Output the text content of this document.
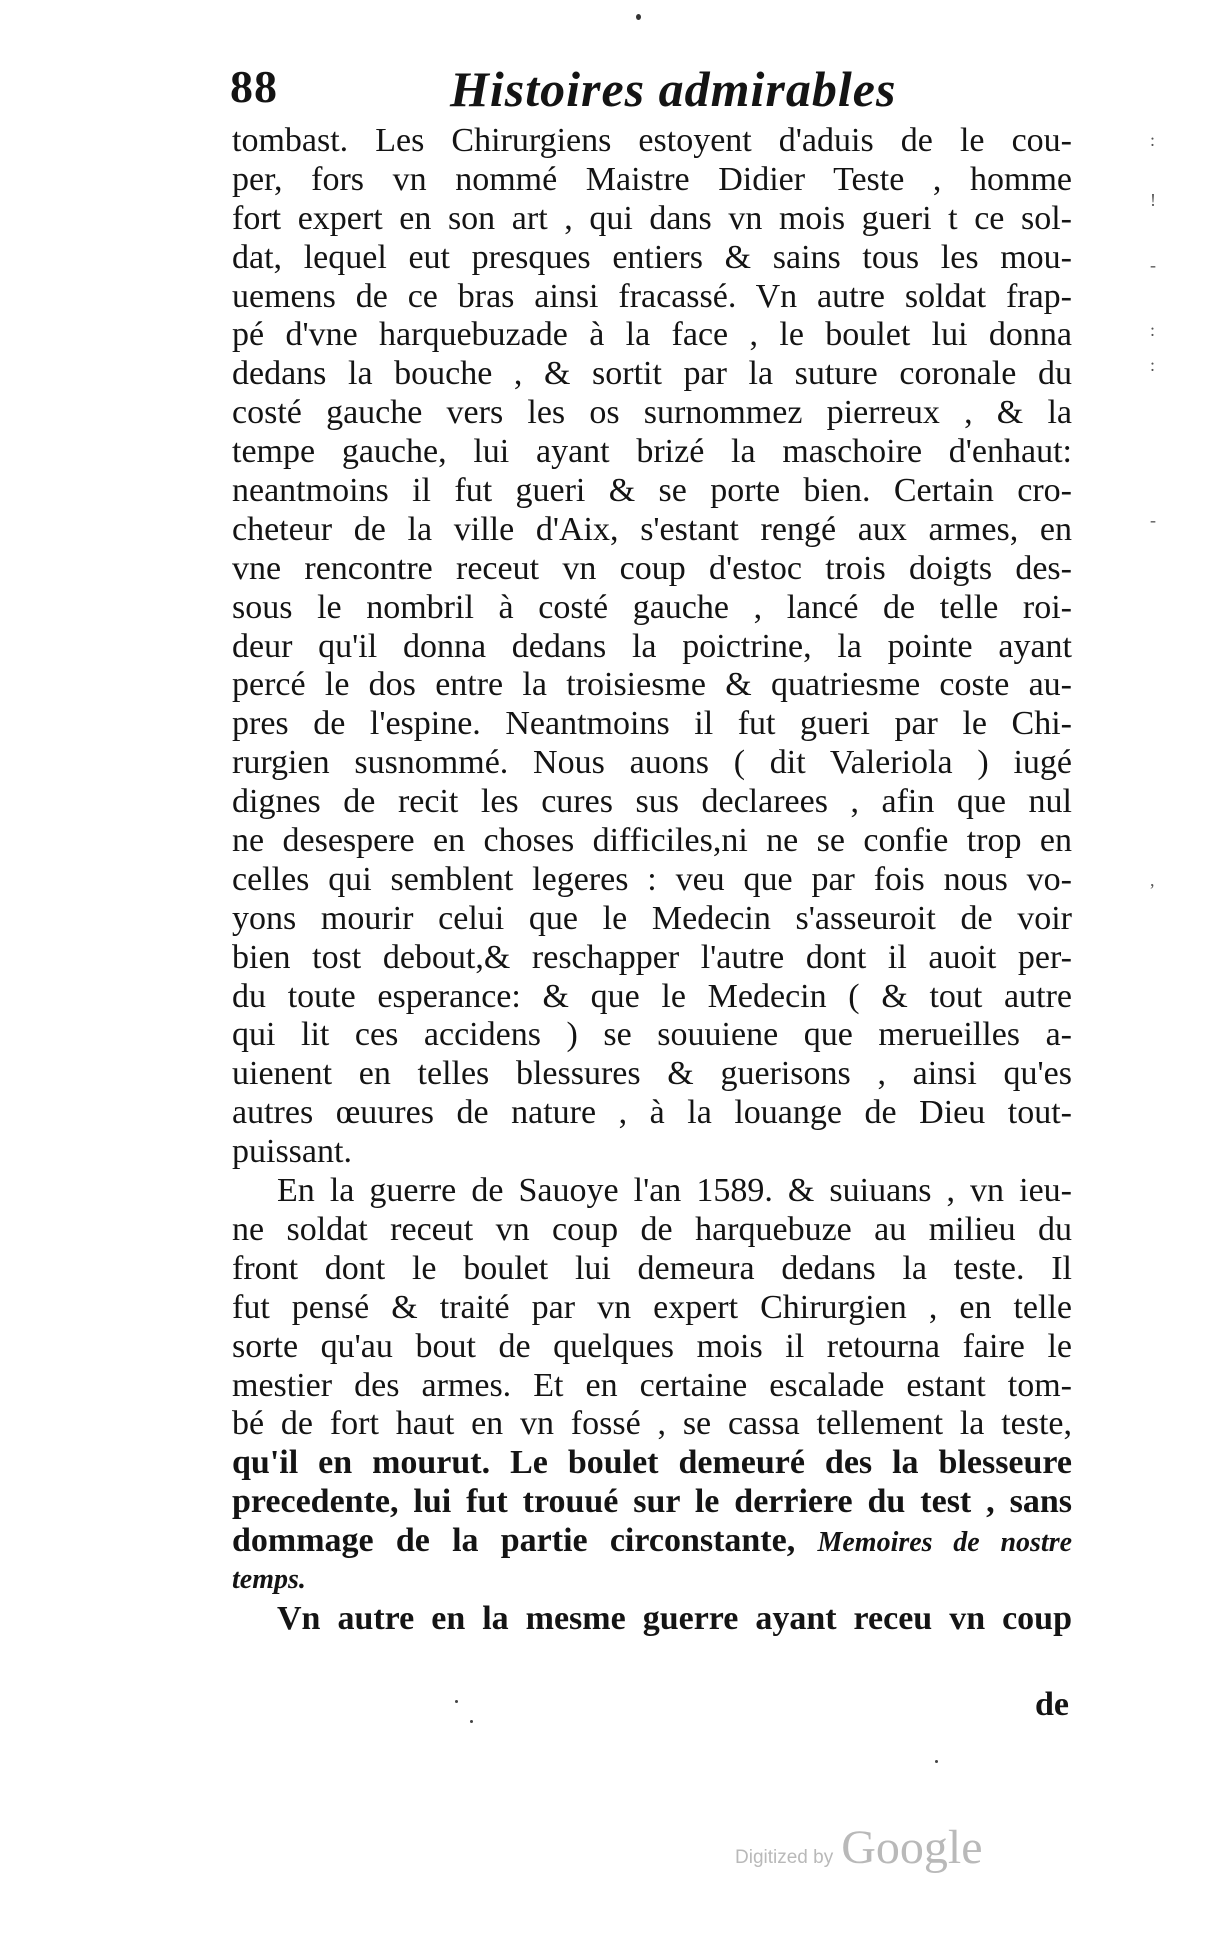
88	Histoires admirables
tombast. Les Chirurgiens estoyent d'aduis de le cou-
per, fors vn nommé Maistre Didier Teste , homme
fort expert en son art , qui dans vn mois gueri t ce sol-
dat, lequel eut presques entiers & sains tous les mou-
uemens de ce bras ainsi fracassé. Vn autre soldat frap-
pé d'vne harquebuzade à la face , le boulet lui donna
dedans la bouche , & sortit par la suture coronale du
costé gauche vers les os surnommez pierreux , & la
tempe gauche, lui ayant brizé la maschoire d'enhaut:
neantmoins il fut gueri & se porte bien. Certain cro-
cheteur de la ville d'Aix, s'estant rengé aux armes, en
vne rencontre receut vn coup d'estoc trois doigts des-
sous le nombril à costé gauche , lancé de telle roi-
deur qu'il donna dedans la poictrine, la pointe ayant
percé le dos entre la troisiesme & quatriesme coste au-
pres de l'espine. Neantmoins il fut gueri par le Chi-
rurgien susnommé. Nous auons ( dit Valeriola ) iugé
dignes de recit les cures sus declarees , afin que nul
ne desespere en choses difficiles,ni ne se confie trop en
celles qui semblent legeres : veu que par fois nous vo-
yons mourir celui que le Medecin s'asseuroit de voir
bien tost debout,& reschapper l'autre dont il auoit per-
du toute esperance: & que le Medecin ( & tout autre
qui lit ces accidens ) se souuiene que merueilles a-
uienent en telles blessures & guerisons , ainsi qu'es
autres œuures de nature , à la louange de Dieu tout-
puissant.
En la guerre de Sauoye l'an 1589. & suiuans , vn ieu-
ne soldat receut vn coup de harquebuze au milieu du
front dont le boulet lui demeura dedans la teste. Il
fut pensé & traité par vn expert Chirurgien , en telle
sorte qu'au bout de quelques mois il retourna faire le
mestier des armes. Et en certaine escalade estant tom-
bé de fort haut en vn fossé , se cassa tellement la teste,
qu'il en mourut. Le boulet demeuré des la blesseure
precedente, lui fut trouué sur le derriere du test , sans
dommage de la partie circonstante, Memoires de nostre
temps.
Vn autre en la mesme guerre ayant receu vn coup
de
:
!
-
:
:
-
,
Digitized by Google
